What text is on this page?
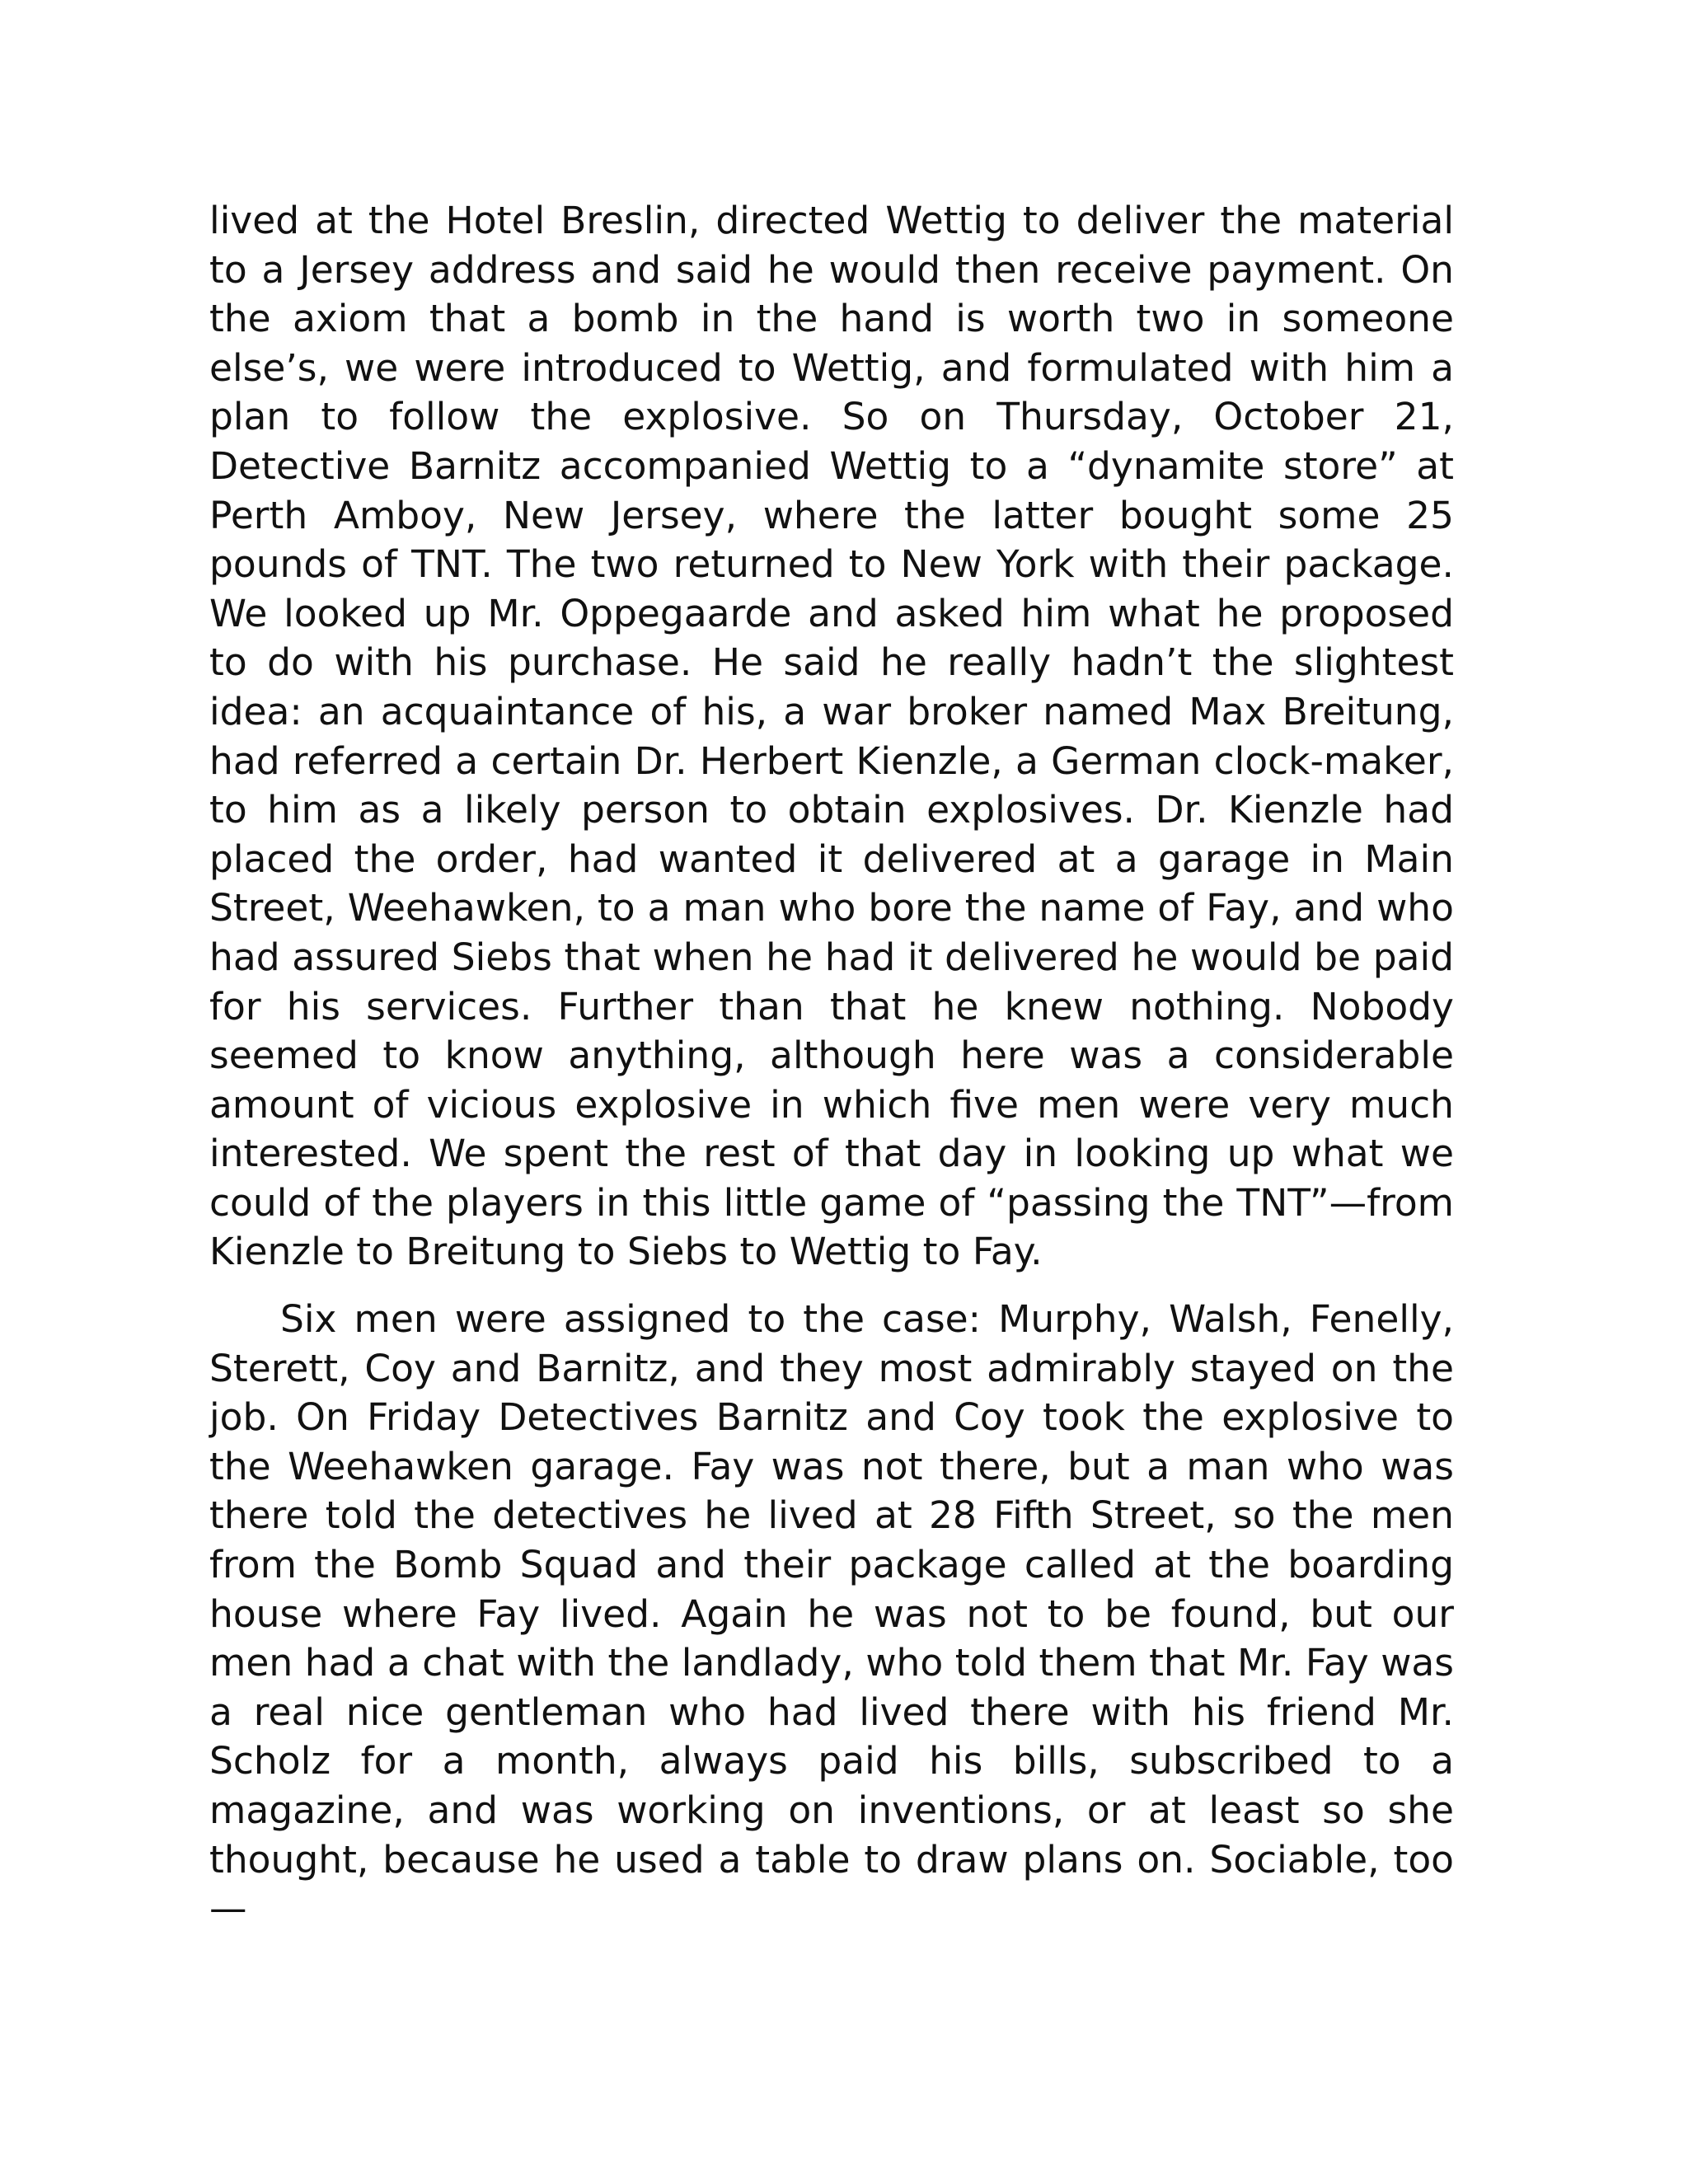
lived at the Hotel Breslin, directed Wettig to deliver the material to a Jersey address and said he would then receive payment. On the axiom that a bomb in the hand is worth two in someone else’s, we were introduced to Wettig, and formulated with him a plan to follow the explosive. So on Thursday, October 21, Detective Barnitz accompanied Wettig to a “dynamite store” at Perth Amboy, New Jersey, where the latter bought some 25 pounds of TNT. The two returned to New York with their package. We looked up Mr. Oppegaarde and asked him what he proposed to do with his purchase. He said he really hadn’t the slightest idea: an acquaintance of his, a war broker named Max Breitung, had referred a certain Dr. Herbert Kienzle, a German clock-maker, to him as a likely person to obtain explosives. Dr. Kienzle had placed the order, had wanted it delivered at a garage in Main Street, Weehawken, to a man who bore the name of Fay, and who had assured Siebs that when he had it delivered he would be paid for his services. Further than that he knew nothing. Nobody seemed to know anything, although here was a considerable amount of vicious explosive in which five men were very much interested. We spent the rest of that day in looking up what we could of the players in this little game of “passing the TNT”—from Kienzle to Breitung to Siebs to Wettig to Fay.

Six men were assigned to the case: Murphy, Walsh, Fenelly, Sterett, Coy and Barnitz, and they most admirably stayed on the job. On Friday Detectives Barnitz and Coy took the explosive to the Weehawken garage. Fay was not there, but a man who was there told the detectives he lived at 28 Fifth Street, so the men from the Bomb Squad and their package called at the boarding house where Fay lived. Again he was not to be found, but our men had a chat with the landlady, who told them that Mr. Fay was a real nice gentleman who had lived there with his friend Mr. Scholz for a month, always paid his bills, subscribed to a magazine, and was working on inventions, or at least so she thought, because he used a table to draw plans on. Sociable, too—
